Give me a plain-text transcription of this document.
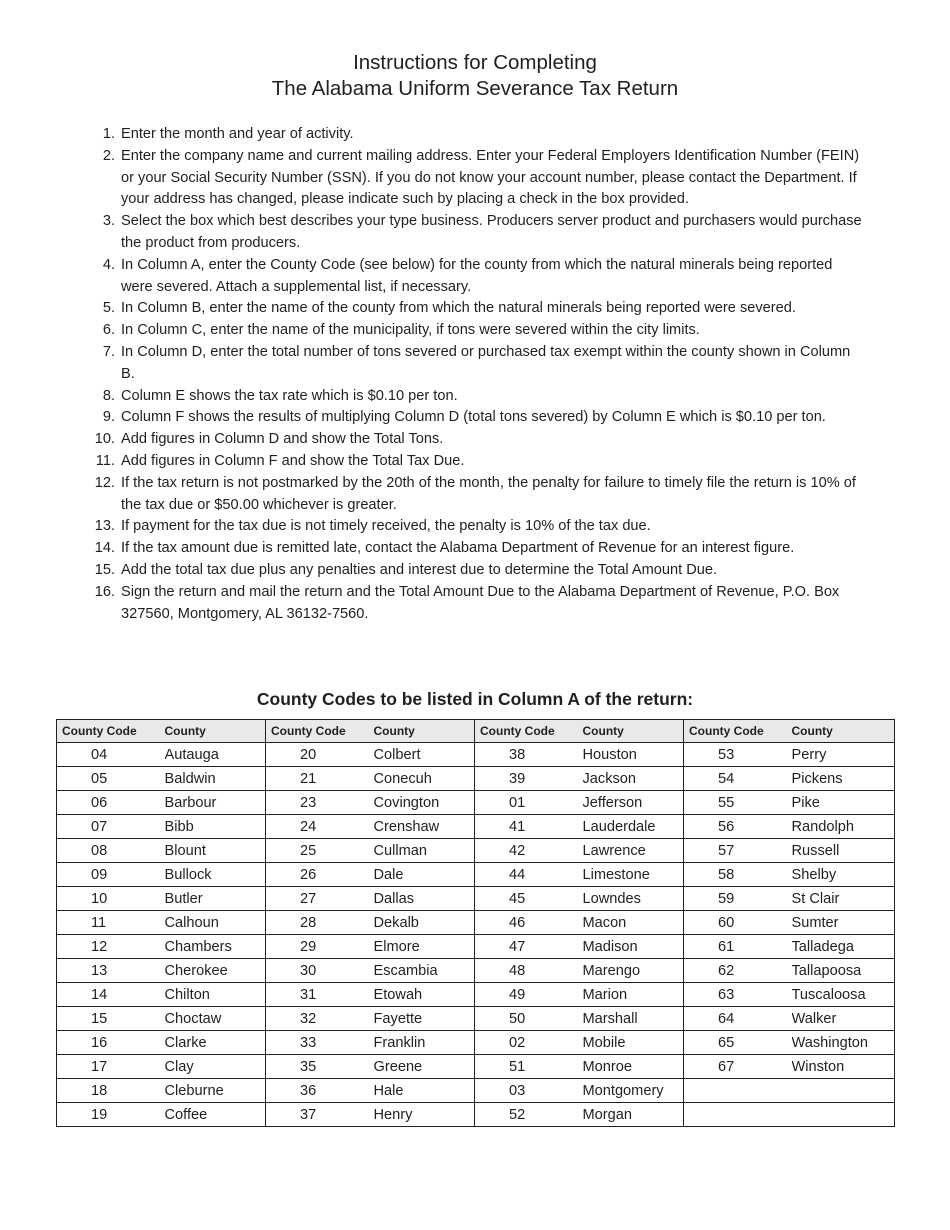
Instructions for Completing
The Alabama Uniform Severance Tax Return
1. Enter the month and year of activity.
2. Enter the company name and current mailing address. Enter your Federal Employers Identification Number (FEIN) or your Social Security Number (SSN). If you do not know your account number, please contact the Department. If your address has changed, please indicate such by placing a check in the box provided.
3. Select the box which best describes your type business. Producers server product and purchasers would purchase the product from producers.
4. In Column A, enter the County Code (see below) for the county from which the natural minerals being reported were severed. Attach a supplemental list, if necessary.
5. In Column B, enter the name of the county from which the natural minerals being reported were severed.
6. In Column C, enter the name of the municipality, if tons were severed within the city limits.
7. In Column D, enter the total number of tons severed or purchased tax exempt within the county shown in Column B.
8. Column E shows the tax rate which is $0.10 per ton.
9. Column F shows the results of multiplying Column D (total tons severed) by Column E which is $0.10 per ton.
10. Add figures in Column D and show the Total Tons.
11. Add figures in Column F and show the Total Tax Due.
12. If the tax return is not postmarked by the 20th of the month, the penalty for failure to timely file the return is 10% of the tax due or $50.00 whichever is greater.
13. If payment for the tax due is not timely received, the penalty is 10% of the tax due.
14. If the tax amount due is remitted late, contact the Alabama Department of Revenue for an interest figure.
15. Add the total tax due plus any penalties and interest due to determine the Total Amount Due.
16. Sign the return and mail the return and the Total Amount Due to the Alabama Department of Revenue, P.O. Box 327560, Montgomery, AL 36132-7560.
County Codes to be listed in Column A of the return:
County Code	County	County Code	County	County Code	County	County Code	County
04	Autauga	20	Colbert	38	Houston	53	Perry
05	Baldwin	21	Conecuh	39	Jackson	54	Pickens
06	Barbour	23	Covington	01	Jefferson	55	Pike
07	Bibb	24	Crenshaw	41	Lauderdale	56	Randolph
08	Blount	25	Cullman	42	Lawrence	57	Russell
09	Bullock	26	Dale	44	Limestone	58	Shelby
10	Butler	27	Dallas	45	Lowndes	59	St Clair
11	Calhoun	28	Dekalb	46	Macon	60	Sumter
12	Chambers	29	Elmore	47	Madison	61	Talladega
13	Cherokee	30	Escambia	48	Marengo	62	Tallapoosa
14	Chilton	31	Etowah	49	Marion	63	Tuscaloosa
15	Choctaw	32	Fayette	50	Marshall	64	Walker
16	Clarke	33	Franklin	02	Mobile	65	Washington
17	Clay	35	Greene	51	Monroe	67	Winston
18	Cleburne	36	Hale	03	Montgomery		
19	Coffee	37	Henry	52	Morgan		
